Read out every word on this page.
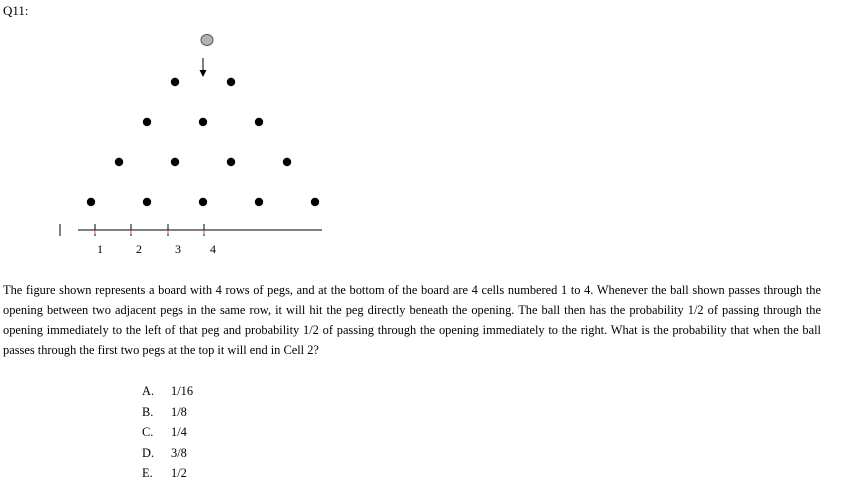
Q11:
1	2	3 4

The figure shown represents a board with 4 rows of pegs, and at the bottom of the board are 4 cells numbered 1 to 4. Whenever the ball shown passes through the opening between two adjacent pegs in the same row, it will hit the peg directly beneath the opening. The ball then has the probability 1/2 of passing through the opening immediately to the left of that peg and probability 1/2 of passing through the opening immediately to the right. What is the probability that when the ball passes through the first two pegs at the top it will end in Cell 2?

A. 1/16
B. 1/8
C. 1/4
D. 3/8
E. 1/2
